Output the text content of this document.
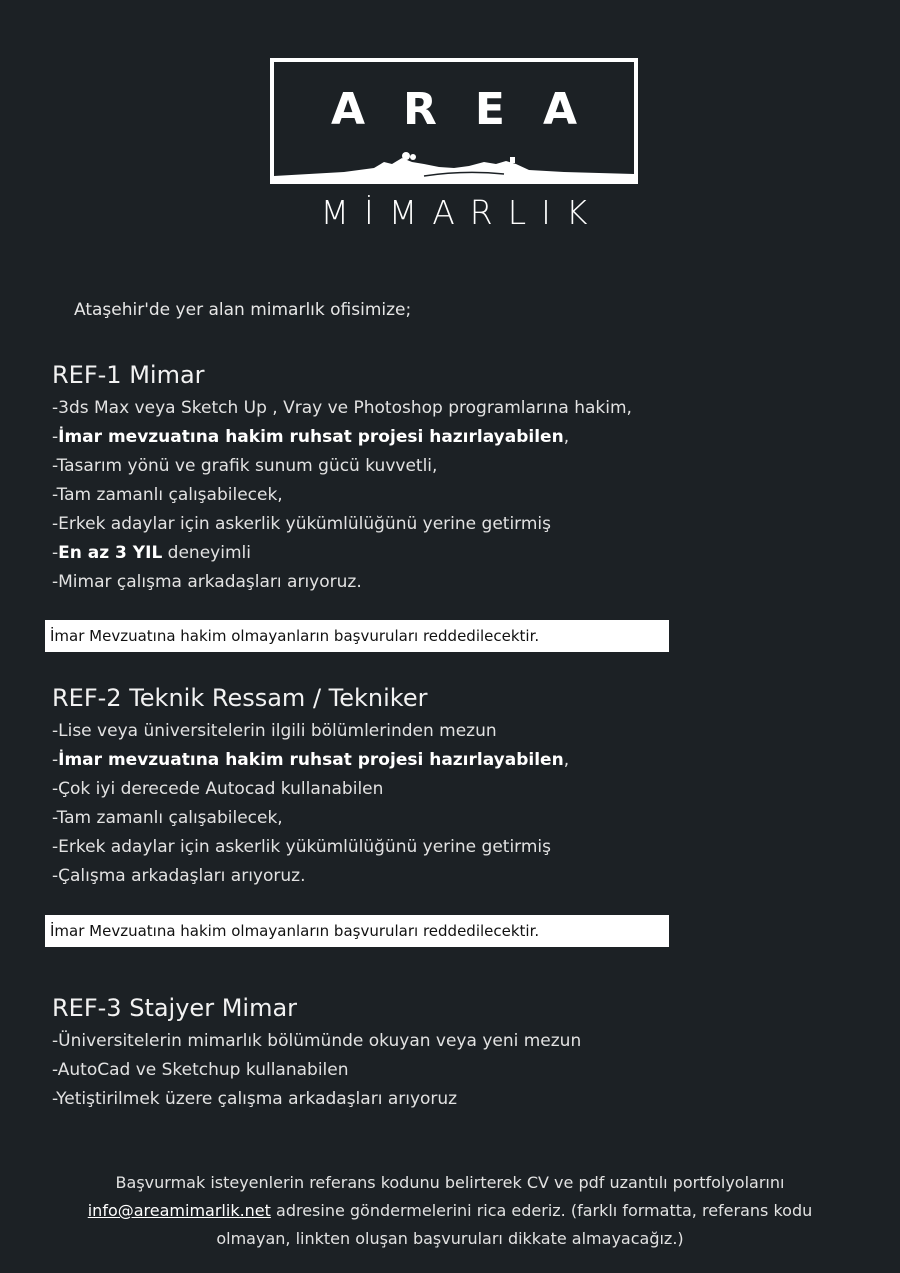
AREA
MİMARLIK
Ataşehir'de yer alan mimarlık ofisimize;
REF-1 Mimar

-3ds Max veya Sketch Up , Vray ve Photoshop programlarına hakim,

-İmar mevzuatına hakim ruhsat projesi hazırlayabilen,

-Tasarım yönü ve grafik sunum gücü kuvvetli,

-Tam zamanlı çalışabilecek,

-Erkek adaylar için askerlik yükümlülüğünü yerine getirmiş

-En az 3 YIL deneyimli

-Mimar çalışma arkadaşları arıyoruz.

İmar Mevzuatına hakim olmayanların başvuruları reddedilecektir.
REF-2 Teknik Ressam / Tekniker

-Lise veya üniversitelerin ilgili bölümlerinden mezun

-İmar mevzuatına hakim ruhsat projesi hazırlayabilen,

-Çok iyi derecede Autocad kullanabilen

-Tam zamanlı çalışabilecek,

-Erkek adaylar için askerlik yükümlülüğünü yerine getirmiş

-Çalışma arkadaşları arıyoruz.

İmar Mevzuatına hakim olmayanların başvuruları reddedilecektir.
REF-3 Stajyer Mimar

-Üniversitelerin mimarlık bölümünde okuyan veya yeni mezun

-AutoCad ve Sketchup kullanabilen

-Yetiştirilmek üzere çalışma arkadaşları arıyoruz

Başvurmak isteyenlerin referans kodunu belirterek CV ve pdf uzantılı portfolyolarını
info@areamimarlik.net adresine göndermelerini rica ederiz. (farklı formatta, referans kodu
olmayan, linkten oluşan başvuruları dikkate almayacağız.)
